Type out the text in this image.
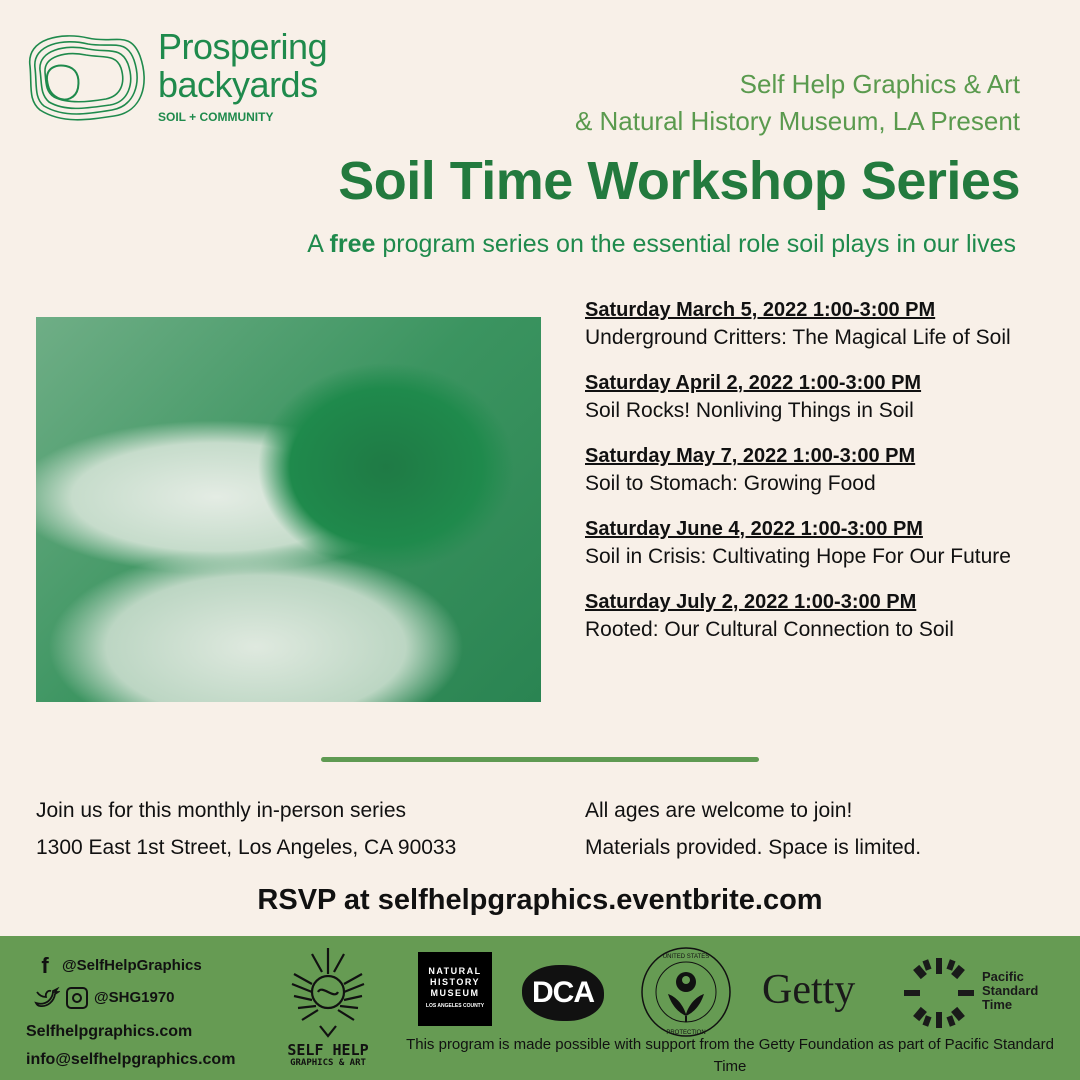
Prospering
backyards
SOIL + COMMUNITY
Self Help Graphics & Art
& Natural History Museum, LA Present
Soil Time Workshop Series
A free program series on the essential role soil plays in our lives
Saturday March 5, 2022 1:00-3:00 PM
Underground Critters: The Magical Life of Soil
Saturday April 2, 2022 1:00-3:00 PM
Soil Rocks! Nonliving Things in Soil
Saturday May 7, 2022 1:00-3:00 PM
Soil to Stomach: Growing Food
Saturday June 4, 2022 1:00-3:00 PM
Soil in Crisis: Cultivating Hope For Our Future
Saturday July 2, 2022 1:00-3:00 PM
Rooted: Our Cultural Connection to Soil
Join us for this monthly in-person series
1300 East 1st Street, Los Angeles, CA 90033
All ages are welcome to join!
Materials provided. Space is limited.
RSVP at selfhelpgraphics.eventbrite.com
f @SelfHelpGraphics
@SHG1970
Selfhelpgraphics.com
info@selfhelpgraphics.com
SELF HELP
GRAPHICS & ART
NATURAL
HISTORY
MUSEUM
LOS ANGELES COUNTY	DCA
UNITED STATES
PROTECTION
Getty	Pacific
Standard
Time
This program is made possible with support from the Getty Foundation as part of Pacific Standard Time
